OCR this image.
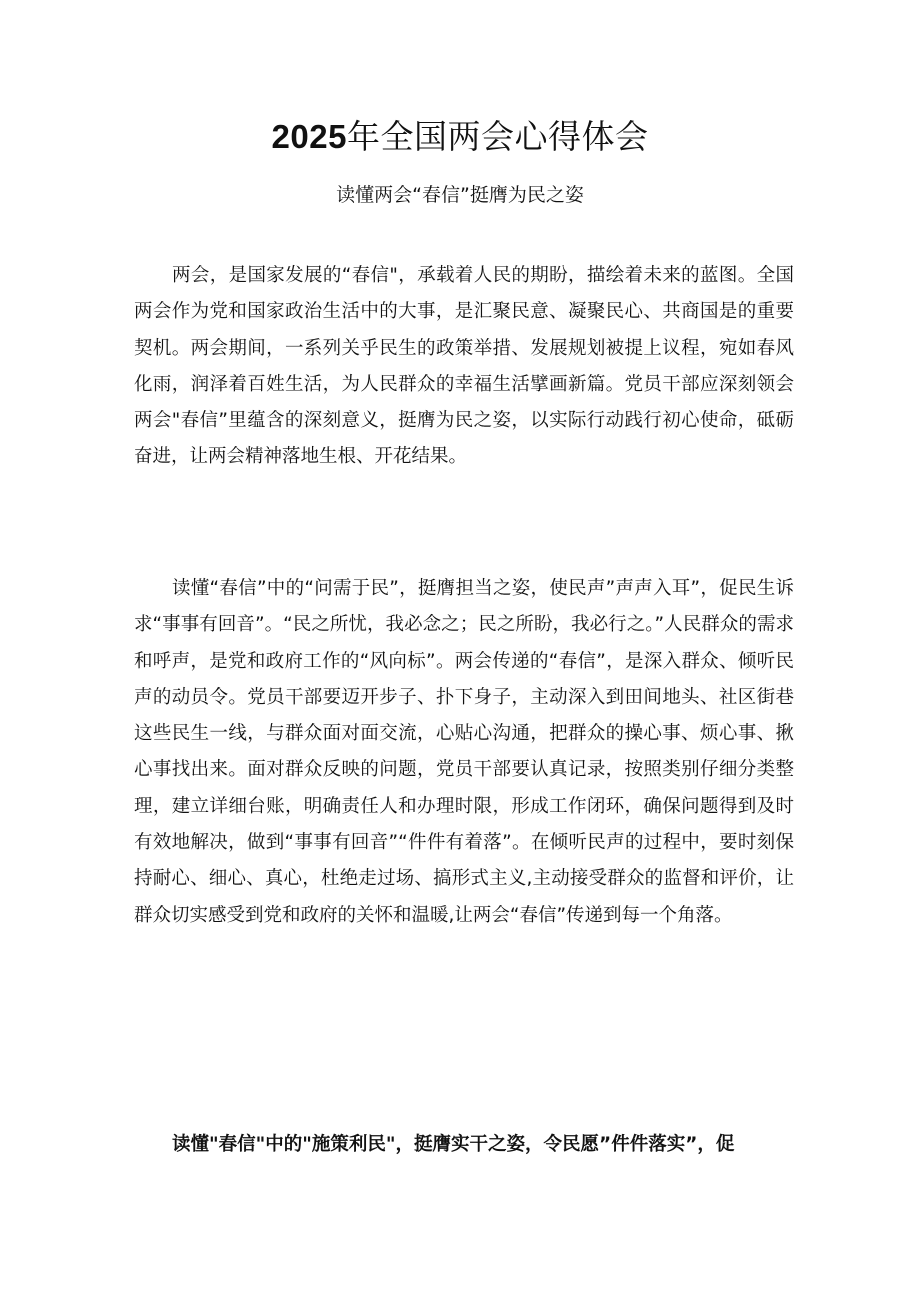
2025年全国两会心得体会
读懂两会“春信”挺膺为民之姿

两会，是国家发展的“春信"，承载着人民的期盼，描绘着未来的蓝图。全国两会作为党和国家政治生活中的大事，是汇聚民意、凝聚民心、共商国是的重要契机。两会期间，一系列关乎民生的政策举措、发展规划被提上议程，宛如春风化雨，润泽着百姓生活，为人民群众的幸福生活擘画新篇。党员干部应深刻领会两会"春信”里蕴含的深刻意义，挺膺为民之姿，以实际行动践行初心使命，砥砺奋进，让两会精神落地生根、开花结果。

读懂“春信”中的“问需于民”，挺膺担当之姿，使民声”声声入耳”，促民生诉求“事事有回音”。“民之所忧，我必念之；民之所盼，我必行之。”人民群众的需求和呼声，是党和政府工作的“风向标”。两会传递的“春信”，是深入群众、倾听民声的动员令。党员干部要迈开步子、扑下身子，主动深入到田间地头、社区街巷这些民生一线，与群众面对面交流，心贴心沟通，把群众的操心事、烦心事、揪心事找出来。面对群众反映的问题，党员干部要认真记录，按照类别仔细分类整理，建立详细台账，明确责任人和办理时限，形成工作闭环，确保问题得到及时有效地解决，做到“事事有回音”“件件有着落”。在倾听民声的过程中，要时刻保持耐心、细心、真心，杜绝走过场、搞形式主义,主动接受群众的监督和评价，让群众切实感受到党和政府的关怀和温暖,让两会“春信”传递到每一个角落。

读懂"春信"中的"施策利民"，挺膺实干之姿，令民愿”件件落实”，促
